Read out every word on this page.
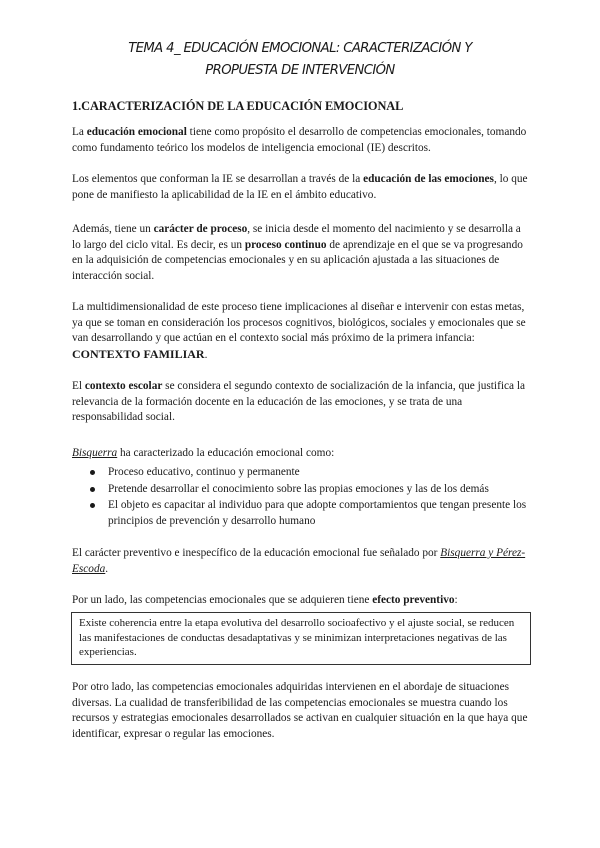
TEMA 4_ EDUCACIÓN EMOCIONAL: CARACTERIZACIÓN Y
PROPUESTA DE INTERVENCIÓN
1.CARACTERIZACIÓN DE LA EDUCACIÓN EMOCIONAL

La educación emocional tiene como propósito el desarrollo de competencias emocionales, tomando como fundamento teórico los modelos de inteligencia emocional (IE) descritos.

Los elementos que conforman la IE se desarrollan a través de la educación de las emociones, lo que pone de manifiesto la aplicabilidad de la IE en el ámbito educativo.

Además, tiene un carácter de proceso, se inicia desde el momento del nacimiento y se desarrolla a lo largo del ciclo vital. Es decir, es un proceso continuo de aprendizaje en el que se va progresando en la adquisición de competencias emocionales y en su aplicación ajustada a las situaciones de interacción social.

La multidimensionalidad de este proceso tiene implicaciones al diseñar e intervenir con estas metas, ya que se toman en consideración los procesos cognitivos, biológicos, sociales y emocionales que se van desarrollando y que actúan en el contexto social más próximo de la primera infancia: CONTEXTO FAMILIAR.

El contexto escolar se considera el segundo contexto de socialización de la infancia, que justifica la relevancia de la formación docente en la educación de las emociones, y se trata de una responsabilidad social.

Bisquerra ha caracterizado la educación emocional como:

Proceso educativo, continuo y permanente
Pretende desarrollar el conocimiento sobre las propias emociones y las de los demás
El objeto es capacitar al individuo para que adopte comportamientos que tengan presente los principios de prevención y desarrollo humano

El carácter preventivo e inespecífico de la educación emocional fue señalado por Bisquerra y Pérez-Escoda.

Por un lado, las competencias emocionales que se adquieren tiene efecto preventivo:

Existe coherencia entre la etapa evolutiva del desarrollo socioafectivo y el ajuste social, se reducen las manifestaciones de conductas desadaptativas y se minimizan interpretaciones negativas de las experiencias.

Por otro lado, las competencias emocionales adquiridas intervienen en el abordaje de situaciones diversas. La cualidad de transferibilidad de las competencias emocionales se muestra cuando los recursos y estrategias emocionales desarrollados se activan en cualquier situación en la que haya que identificar, expresar o regular las emociones.
